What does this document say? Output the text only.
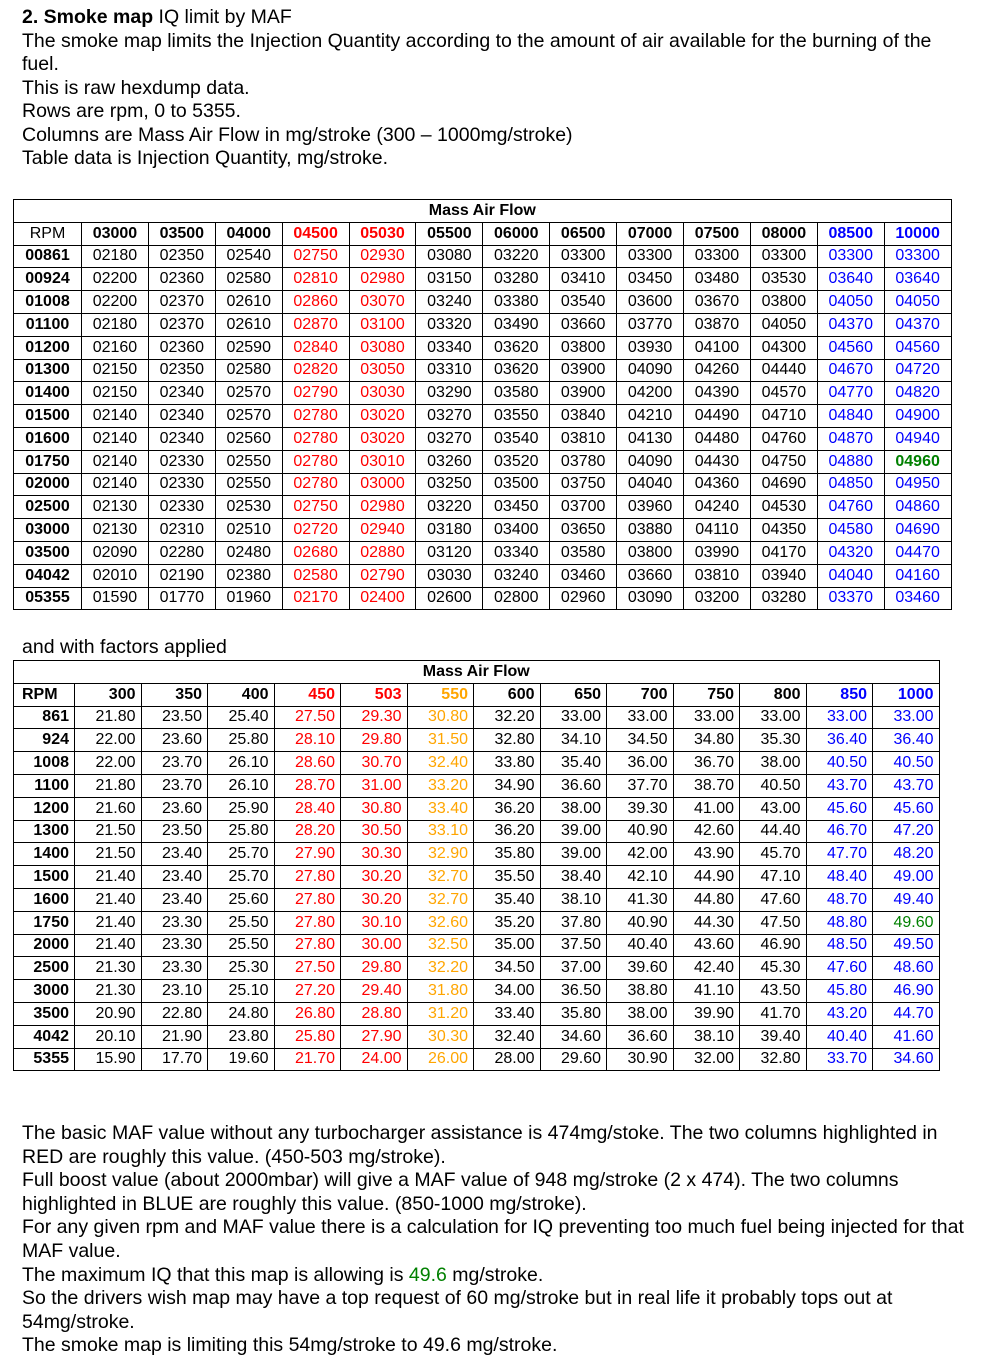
2. Smoke map IQ limit by MAF

The smoke map limits the Injection Quantity according to the amount of air available for the burning of the fuel.

This is raw hexdump data.

Rows are rpm, 0 to 5355.

Columns are Mass Air Flow in mg/stroke (300 – 1000mg/stroke)

Table data is Injection Quantity, mg/stroke.

Mass Air Flow													
RPM	03000	03500	04000	04500	05030	05500	06000	06500	07000	07500	08000	08500	10000
00861	02180	02350	02540	02750	02930	03080	03220	03300	03300	03300	03300	03300	03300
00924	02200	02360	02580	02810	02980	03150	03280	03410	03450	03480	03530	03640	03640
01008	02200	02370	02610	02860	03070	03240	03380	03540	03600	03670	03800	04050	04050
01100	02180	02370	02610	02870	03100	03320	03490	03660	03770	03870	04050	04370	04370
01200	02160	02360	02590	02840	03080	03340	03620	03800	03930	04100	04300	04560	04560
01300	02150	02350	02580	02820	03050	03310	03620	03900	04090	04260	04440	04670	04720
01400	02150	02340	02570	02790	03030	03290	03580	03900	04200	04390	04570	04770	04820
01500	02140	02340	02570	02780	03020	03270	03550	03840	04210	04490	04710	04840	04900
01600	02140	02340	02560	02780	03020	03270	03540	03810	04130	04480	04760	04870	04940
01750	02140	02330	02550	02780	03010	03260	03520	03780	04090	04430	04750	04880	04960
02000	02140	02330	02550	02780	03000	03250	03500	03750	04040	04360	04690	04850	04950
02500	02130	02330	02530	02750	02980	03220	03450	03700	03960	04240	04530	04760	04860
03000	02130	02310	02510	02720	02940	03180	03400	03650	03880	04110	04350	04580	04690
03500	02090	02280	02480	02680	02880	03120	03340	03580	03800	03990	04170	04320	04470
04042	02010	02190	02380	02580	02790	03030	03240	03460	03660	03810	03940	04040	04160
05355	01590	01770	01960	02170	02400	02600	02800	02960	03090	03200	03280	03370	03460

and with factors applied

Mass Air Flow													
RPM	300	350	400	450	503	550	600	650	700	750	800	850	1000
861	21.80	23.50	25.40	27.50	29.30	30.80	32.20	33.00	33.00	33.00	33.00	33.00	33.00
924	22.00	23.60	25.80	28.10	29.80	31.50	32.80	34.10	34.50	34.80	35.30	36.40	36.40
1008	22.00	23.70	26.10	28.60	30.70	32.40	33.80	35.40	36.00	36.70	38.00	40.50	40.50
1100	21.80	23.70	26.10	28.70	31.00	33.20	34.90	36.60	37.70	38.70	40.50	43.70	43.70
1200	21.60	23.60	25.90	28.40	30.80	33.40	36.20	38.00	39.30	41.00	43.00	45.60	45.60
1300	21.50	23.50	25.80	28.20	30.50	33.10	36.20	39.00	40.90	42.60	44.40	46.70	47.20
1400	21.50	23.40	25.70	27.90	30.30	32.90	35.80	39.00	42.00	43.90	45.70	47.70	48.20
1500	21.40	23.40	25.70	27.80	30.20	32.70	35.50	38.40	42.10	44.90	47.10	48.40	49.00
1600	21.40	23.40	25.60	27.80	30.20	32.70	35.40	38.10	41.30	44.80	47.60	48.70	49.40
1750	21.40	23.30	25.50	27.80	30.10	32.60	35.20	37.80	40.90	44.30	47.50	48.80	49.60
2000	21.40	23.30	25.50	27.80	30.00	32.50	35.00	37.50	40.40	43.60	46.90	48.50	49.50
2500	21.30	23.30	25.30	27.50	29.80	32.20	34.50	37.00	39.60	42.40	45.30	47.60	48.60
3000	21.30	23.10	25.10	27.20	29.40	31.80	34.00	36.50	38.80	41.10	43.50	45.80	46.90
3500	20.90	22.80	24.80	26.80	28.80	31.20	33.40	35.80	38.00	39.90	41.70	43.20	44.70
4042	20.10	21.90	23.80	25.80	27.90	30.30	32.40	34.60	36.60	38.10	39.40	40.40	41.60
5355	15.90	17.70	19.60	21.70	24.00	26.00	28.00	29.60	30.90	32.00	32.80	33.70	34.60

The basic MAF value without any turbocharger assistance is 474mg/stoke. The two columns highlighted in RED are roughly this value. (450-503 mg/stroke).

Full boost value (about 2000mbar) will give a MAF value of 948 mg/stroke (2 x 474). The two columns highlighted in BLUE are roughly this value. (850-1000 mg/stroke).

For any given rpm and MAF value there is a calculation for IQ preventing too much fuel being injected for that MAF value.

The maximum IQ that this map is allowing is 49.6 mg/stroke.

So the drivers wish map may have a top request of 60 mg/stroke but in real life it probably tops out at 54mg/stroke.

The smoke map is limiting this 54mg/stroke to 49.6 mg/stroke.
